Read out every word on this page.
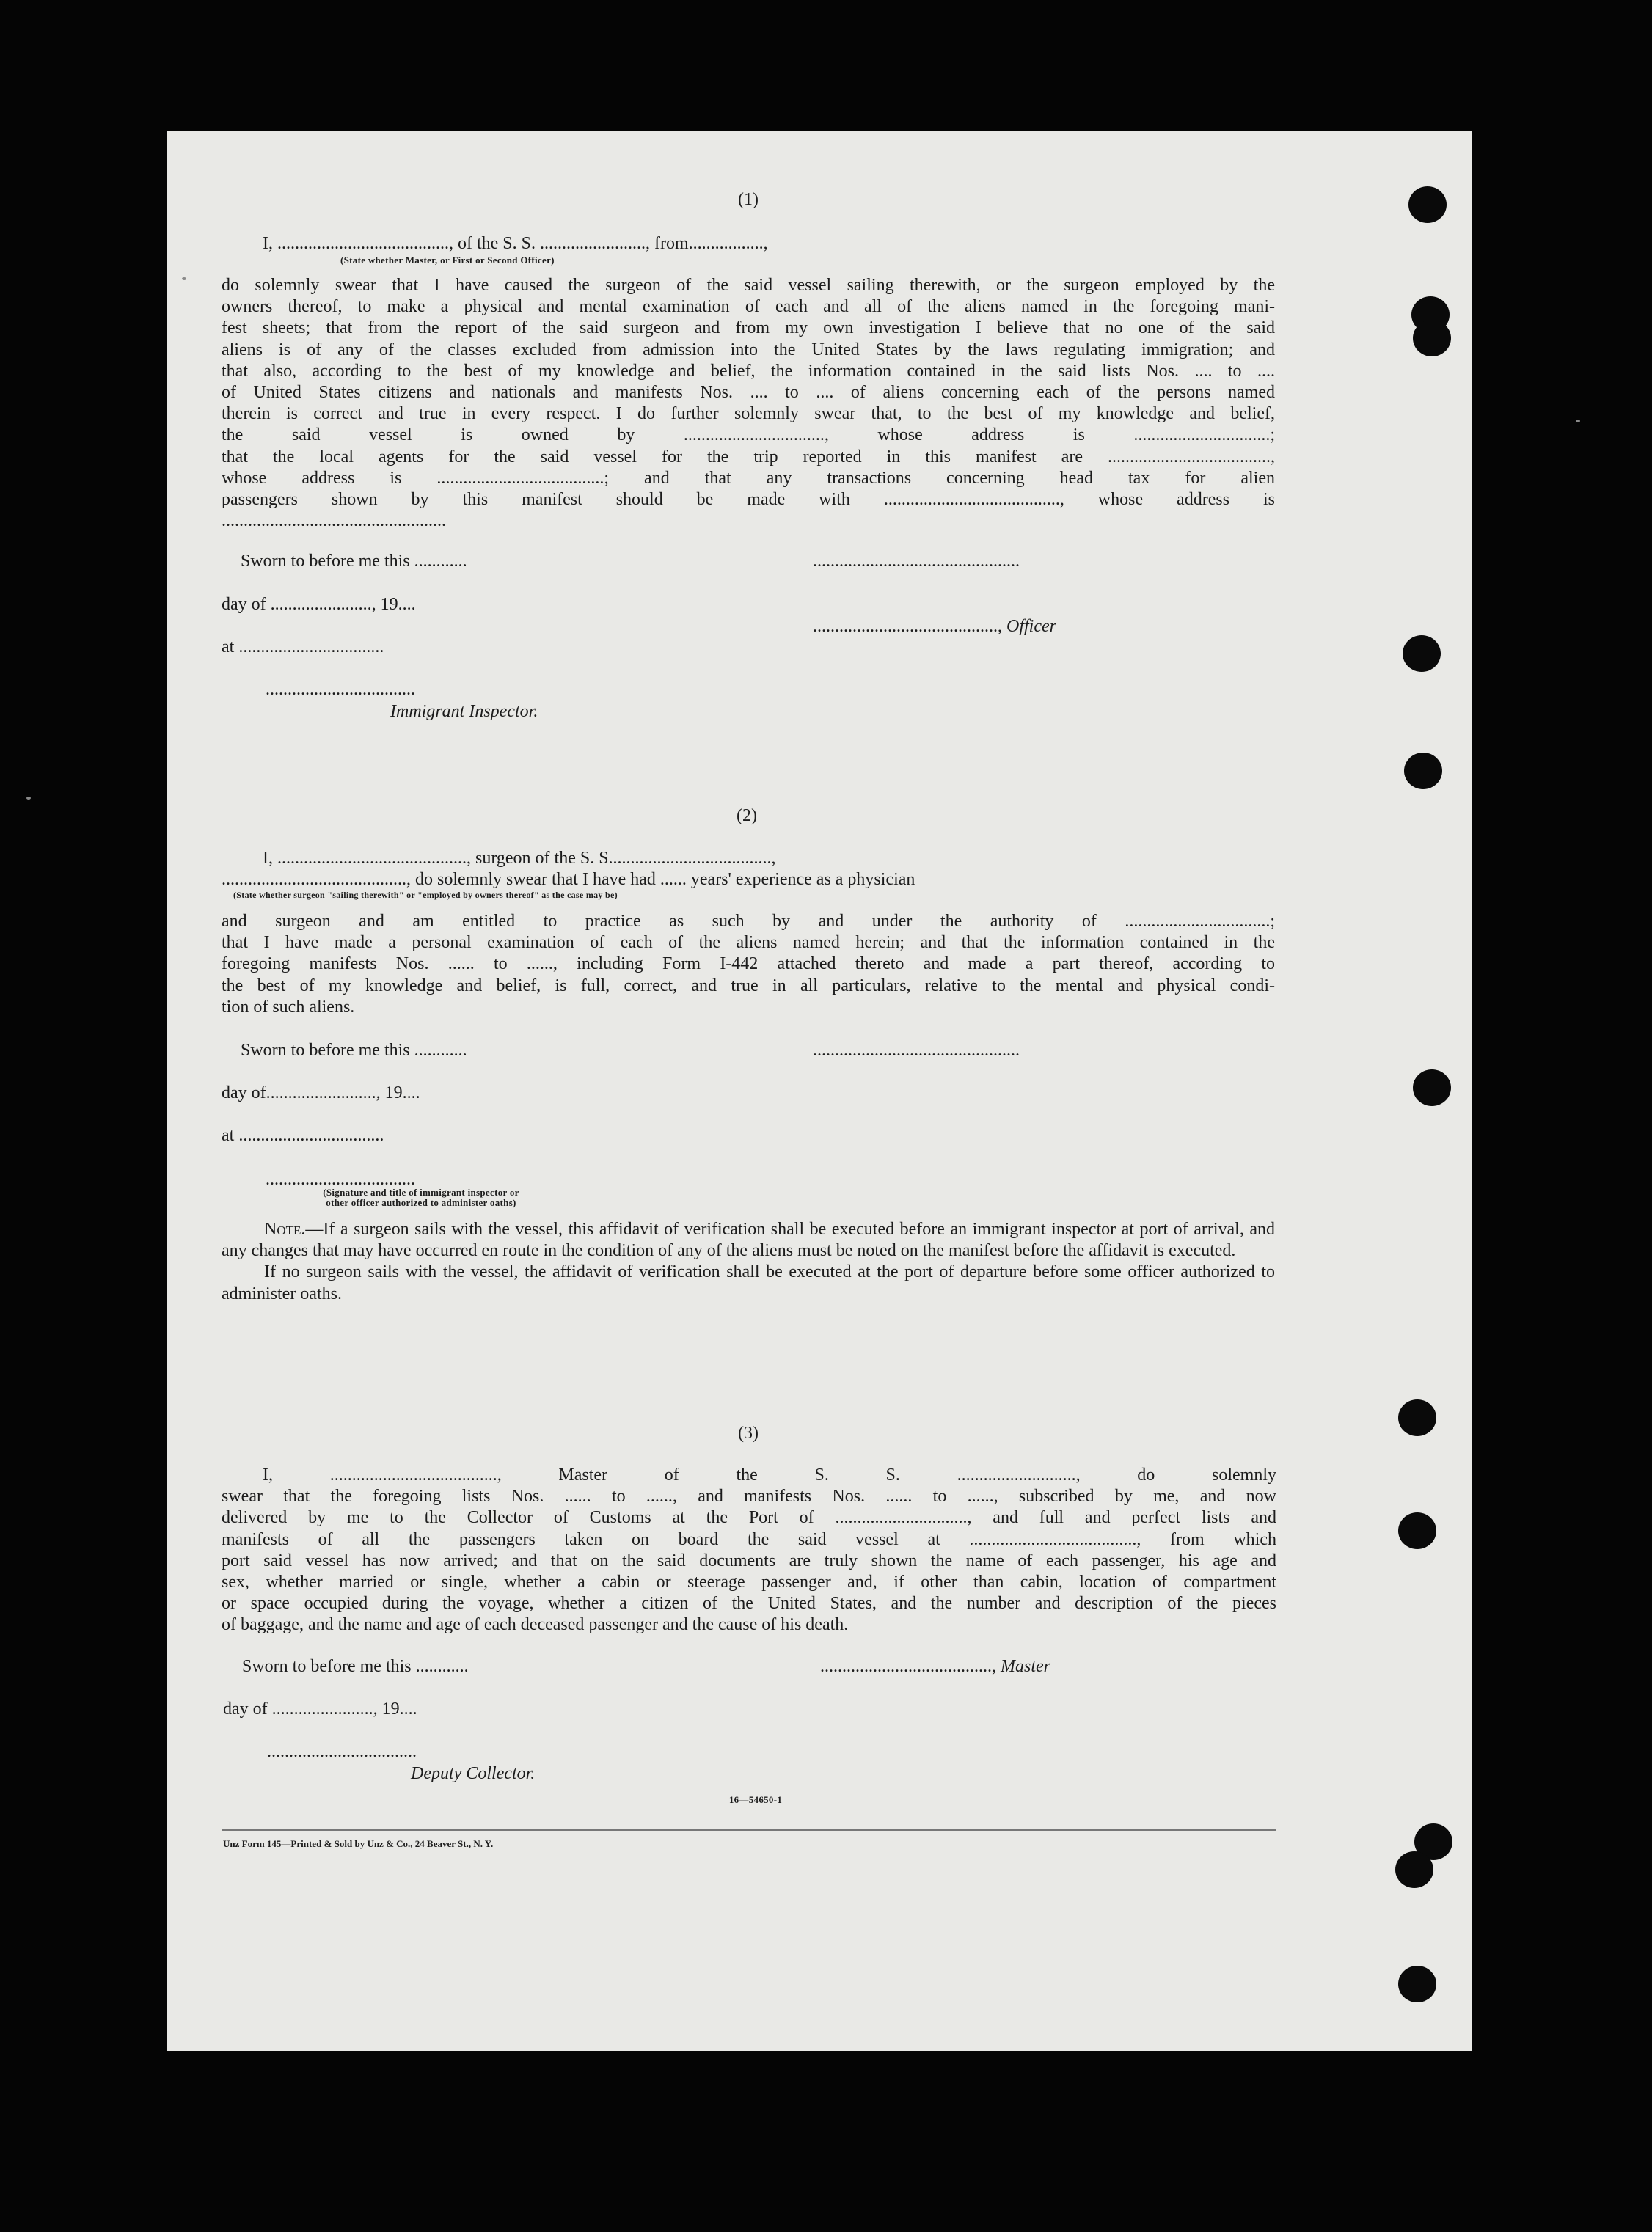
(1)
I, ......................................., of the S. S. ........................, from.................,
(State whether Master, or First or Second Officer)

do solemnly swear that I have caused the surgeon of the said vessel sailing therewith, or the surgeon employed by the

owners thereof, to make a physical and mental examination of each and all of the aliens named in the foregoing mani-

fest sheets; that from the report of the said surgeon and from my own investigation I believe that no one of the said

aliens is of any of the classes excluded from admission into the United States by the laws regulating immigration; and

that also, according to the best of my knowledge and belief, the information contained in the said lists Nos. .... to ....

of United States citizens and nationals and manifests Nos. .... to .... of aliens concerning each of the persons named

therein is correct and true in every respect. I do further solemnly swear that, to the best of my knowledge and belief,

the said vessel is owned by ................................, whose address is ...............................;

that the local agents for the said vessel for the trip reported in this manifest are .....................................,

whose address is ......................................; and that any transactions concerning head tax for alien

passengers shown by this manifest should be made with ........................................, whose address is

...................................................

Sworn to before me this ............	...............................................
day of ......................., 19....
.........................................., Officer
at .................................
..................................
Immigrant Inspector.
(2)
I, ..........................................., surgeon of the S. S.....................................,
.........................................., do solemnly swear that I have had ...... years' experience as a physician
(State whether surgeon "sailing therewith" or "employed by owners thereof" as the case may be)

and surgeon and am entitled to practice as such by and under the authority of .................................;

that I have made a personal examination of each of the aliens named herein; and that the information contained in the

foregoing manifests Nos. ...... to ......, including Form I-442 attached thereto and made a part thereof, according to

the best of my knowledge and belief, is full, correct, and true in all particulars, relative to the mental and physical condi-

tion of such aliens.

Sworn to before me this ............	...............................................
day of........................., 19....
at .................................
..................................
(Signature and title of immigrant inspector or
other officer authorized to administer oaths)

Note.—If a surgeon sails with the vessel, this affidavit of verification shall be executed before an immigrant inspector at port of arrival, and any changes that may have occurred en route in the condition of any of the aliens must be noted on the manifest before the affidavit is executed.

If no surgeon sails with the vessel, the affidavit of verification shall be executed at the port of departure before some officer authorized to administer oaths.

(3)

I, ......................................, Master of the S. S. ..........................., do solemnly

swear that the foregoing lists Nos. ...... to ......, and manifests Nos. ...... to ......, subscribed by me, and now

delivered by me to the Collector of Customs at the Port of .............................., and full and perfect lists and

manifests of all the passengers taken on board the said vessel at ......................................, from which

port said vessel has now arrived; and that on the said documents are truly shown the name of each passenger, his age and

sex, whether married or single, whether a cabin or steerage passenger and, if other than cabin, location of compartment

or space occupied during the voyage, whether a citizen of the United States, and the number and description of the pieces

of baggage, and the name and age of each deceased passenger and the cause of his death.

Sworn to before me this ............	......................................., Master
day of ......................., 19....
..................................
Deputy Collector.
16—54650-1
Unz Form 145—Printed & Sold by Unz & Co., 24 Beaver St., N. Y.
